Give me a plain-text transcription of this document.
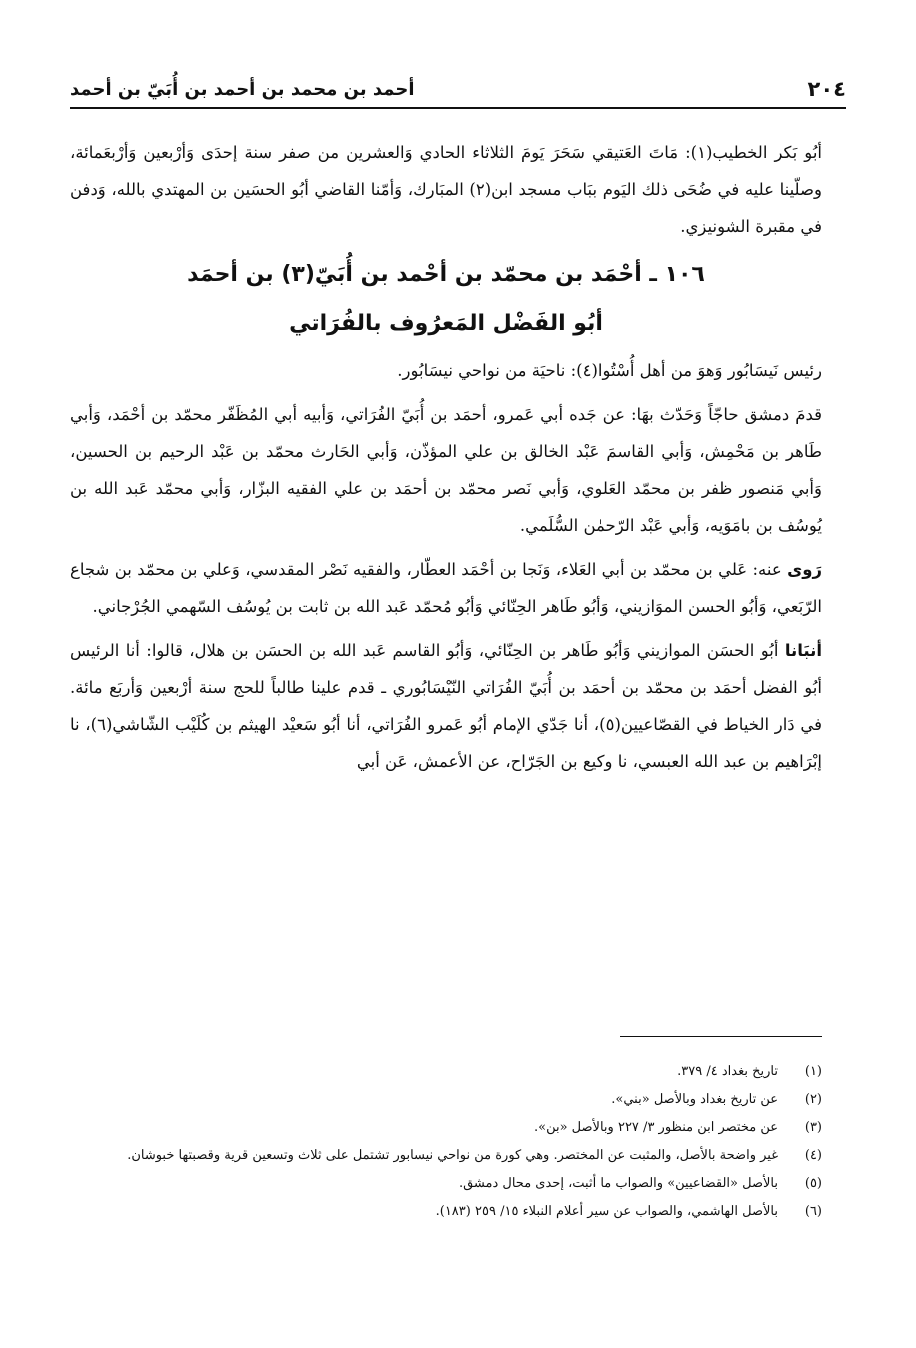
٢٠٤
أحمد بن محمد بن أحمد بن أُبَيّ بن أحمد

أبُو بَكر الخطيب(١): مَاتَ العَتيقي سَحَرَ يَومَ الثلاثاء الحادي وَالعشرين من صفر سنة إحدَى وَأرْبعين وَأرْبعَمائة، وصلّينا عليه في ضُحَى ذلك اليَوم ببَاب مسجد ابن(٢) المبَارك، وَأمّنا القاضي أبُو الحسَين بن المهتدي بالله، وَدفن في مقبرة الشونيزي.

١٠٦ ـ أحْمَد بن محمّد بن أحْمد بن أُبَيّ(٣) بن أحمَد
أبُو الفَضْل المَعرُوف بالفُرَاتي

رئيس نَيسَابُور وَهوَ من أهل أُسْتُوا(٤): ناحيَة من نواحي نيسَابُور.

قدمَ دمشق حاجّاً وَحَدّث بهَا: عن جَده أبي عَمرو، أحمَد بن أُبَيّ الفُرَاتي، وَأبيه أبي المُظَفّر محمّد بن أحْمَد، وَأبي طَاهر بن مَحْمِش، وَأبي القاسمَ عَبْد الخالق بن علي المؤذّن، وَأبي الحَارث محمّد بن عَبْد الرحيم بن الحسين، وَأبي مَنصور ظفر بن محمّد العَلوي، وَأبي نَصر محمّد بن أحمَد بن علي الفقيه البزّار، وَأبي محمّد عَبد الله بن يُوسُف بن بامَوَيه، وَأبي عَبْد الرّحمٰن السُّلَمي.

رَوى عنه: عَلي بن محمّد بن أبي العَلاء، وَنَجا بن أحْمَد العطّار، والفقيه نَصْر المقدسي، وَعلي بن محمّد بن شجاع الرّبَعي، وَأبُو الحسن الموَازيني، وَأبُو طَاهر الحِنّائي وَأبُو مُحمّد عَبد الله بن ثابت بن يُوسُف السّهمي الجُرْجاني.

أنبَانا أبُو الحسَن الموازيني وَأبُو طَاهر بن الحِنّائي، وَأبُو القاسم عَبد الله بن الحسَن بن هلال، قالوا: أنا الرئيس أبُو الفضل أحمَد بن محمّد بن أحمَد بن أُبَيّ الفُرَاتي النّيْسَابُوري ـ قدم علينا طالباً للحج سنة أرْبعين وَأربَع مائة. في دَار الخياط في القصّاعيين(٥)، أنا جَدّي الإمام أبُو عَمرو الفُرَاتي، أنا أبُو سَعيْد الهيثم بن كُلَيْب الشّاشي(٦)، نا إبْرَاهيم بن عبد الله العبسي، نا وكيع بن الجَرّاح، عن الأعمش، عَن أبي

(١)
تاريخ بغداد ٤/ ٣٧٩.
(٢)
عن تاريخ بغداد وبالأصل «بني».
(٣)
عن مختصر ابن منظور ٣/ ٢٢٧ وبالأصل «بن».
(٤)
غير واضحة بالأصل، والمثبت عن المختصر. وهي كورة من نواحي نيسابور تشتمل على ثلاث وتسعين قرية وقصبتها خبوشان.
(٥)
بالأصل «القضاعيين» والصواب ما أثبت، إحدى محال دمشق.
(٦)
بالأصل الهاشمي، والصواب عن سير أعلام النبلاء ١٥/ ٢٥٩ (١٨٣).
